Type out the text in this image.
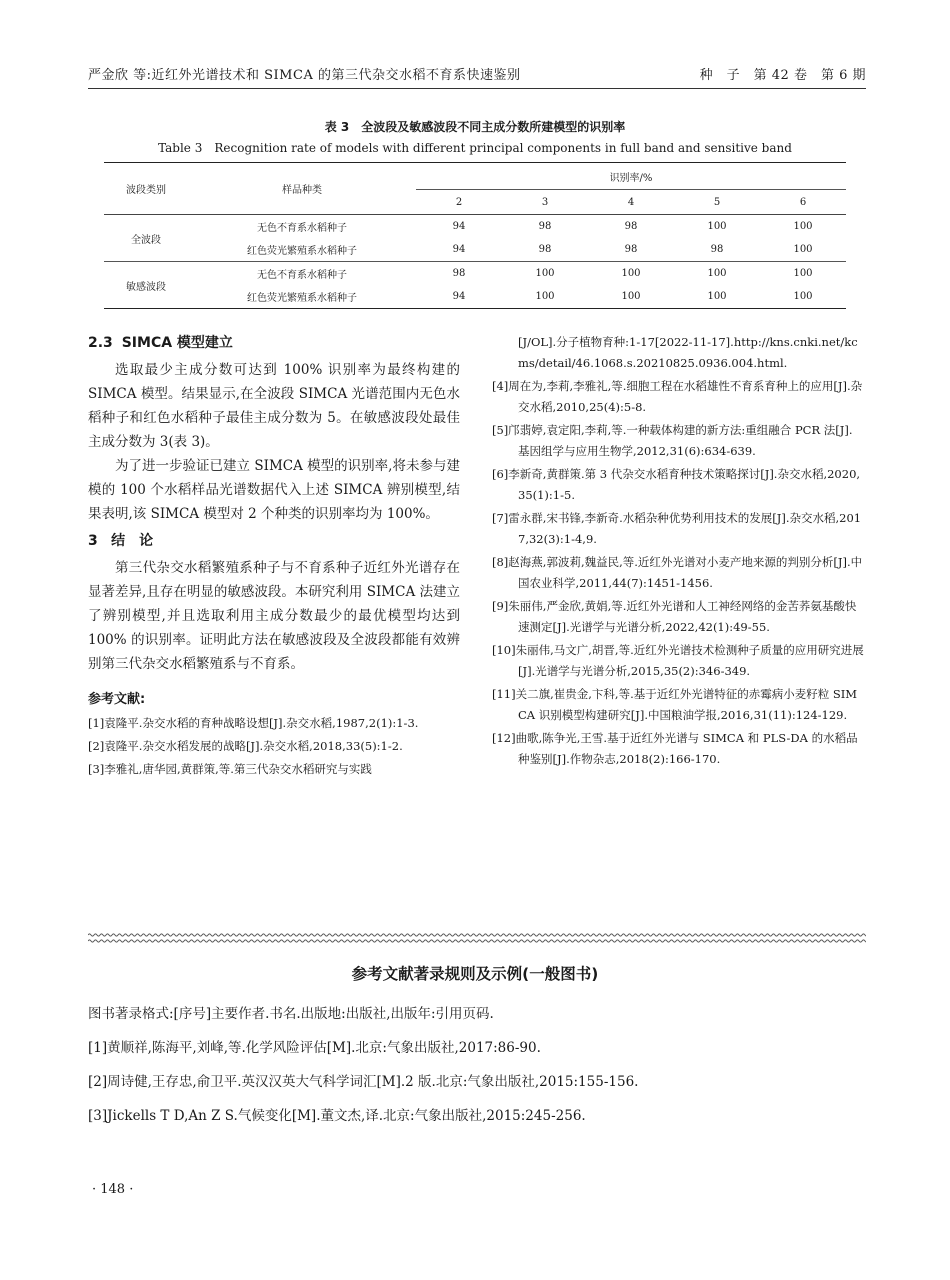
严金欣 等:近红外光谱技术和 SIMCA 的第三代杂交水稻不育系快速鉴别	种　子　第 42 卷　第 6 期
表 3　全波段及敏感波段不同主成分数所建模型的识别率
Table 3　Recognition rate of models with different principal components in full band and sensitive band
波段类别	样品种类	识别率/%				
		2	3	4	5	6
全波段	无色不育系水稻种子	94	98	98	100	100
	红色荧光繁殖系水稻种子	94	98	98	98	100
敏感波段	无色不育系水稻种子	98	100	100	100	100
	红色荧光繁殖系水稻种子	94	100	100	100	100
2.3 SIMCA 模型建立

选取最少主成分数可达到 100% 识别率为最终构建的 SIMCA 模型。结果显示,在全波段 SIMCA 光谱范围内无色水稻种子和红色水稻种子最佳主成分数为 5。在敏感波段处最佳主成分数为 3(表 3)。

为了进一步验证已建立 SIMCA 模型的识别率,将未参与建模的 100 个水稻样品光谱数据代入上述 SIMCA 辨别模型,结果表明,该 SIMCA 模型对 2 个种类的识别率均为 100%。

3 结　论

第三代杂交水稻繁殖系种子与不育系种子近红外光谱存在显著差异,且存在明显的敏感波段。本研究利用 SIMCA 法建立了辨别模型,并且选取利用主成分数最少的最优模型均达到 100% 的识别率。证明此方法在敏感波段及全波段都能有效辨别第三代杂交水稻繁殖系与不育系。

参考文献:

[1]袁隆平.杂交水稻的育种战略设想[J].杂交水稻,1987,2(1):1-3.

[2]袁隆平.杂交水稻发展的战略[J].杂交水稻,2018,33(5):1-2.

[3]李雅礼,唐华园,黄群策,等.第三代杂交水稻研究与实践

[J/OL].分子植物育种:1-17[2022-11-17].http://kns.cnki.net/kcms/detail/46.1068.s.20210825.0936.004.html.

[4]周在为,李莉,李雅礼,等.细胞工程在水稻雄性不育系育种上的应用[J].杂交水稻,2010,25(4):5-8.

[5]邝翡婷,袁定阳,李莉,等.一种载体构建的新方法:重组融合 PCR 法[J].基因组学与应用生物学,2012,31(6):634-639.

[6]李新奇,黄群策.第 3 代杂交水稻育种技术策略探讨[J].杂交水稻,2020,35(1):1-5.

[7]雷永群,宋书锋,李新奇.水稻杂种优势利用技术的发展[J].杂交水稻,2017,32(3):1-4,9.

[8]赵海燕,郭波莉,魏益民,等.近红外光谱对小麦产地来源的判别分析[J].中国农业科学,2011,44(7):1451-1456.

[9]朱丽伟,严金欣,黄娟,等.近红外光谱和人工神经网络的金苦荞氨基酸快速测定[J].光谱学与光谱分析,2022,42(1):49-55.

[10]朱丽伟,马文广,胡晋,等.近红外光谱技术检测种子质量的应用研究进展[J].光谱学与光谱分析,2015,35(2):346-349.

[11]关二旗,崔贵金,卞科,等.基于近红外光谱特征的赤霉病小麦籽粒 SIMCA 识别模型构建研究[J].中国粮油学报,2016,31(11):124-129.

[12]曲歌,陈争光,王雪.基于近红外光谱与 SIMCA 和 PLS-DA 的水稻品种鉴别[J].作物杂志,2018(2):166-170.

参考文献著录规则及示例(一般图书)
图书著录格式:[序号]主要作者.书名.出版地:出版社,出版年:引用页码.
[1]黄顺祥,陈海平,刘峰,等.化学风险评估[M].北京:气象出版社,2017:86-90.
[2]周诗健,王存忠,俞卫平.英汉汉英大气科学词汇[M].2 版.北京:气象出版社,2015:155-156.
[3]Jickells T D,An Z S.气候变化[M].董文杰,译.北京:气象出版社,2015:245-256.
· 148 ·
